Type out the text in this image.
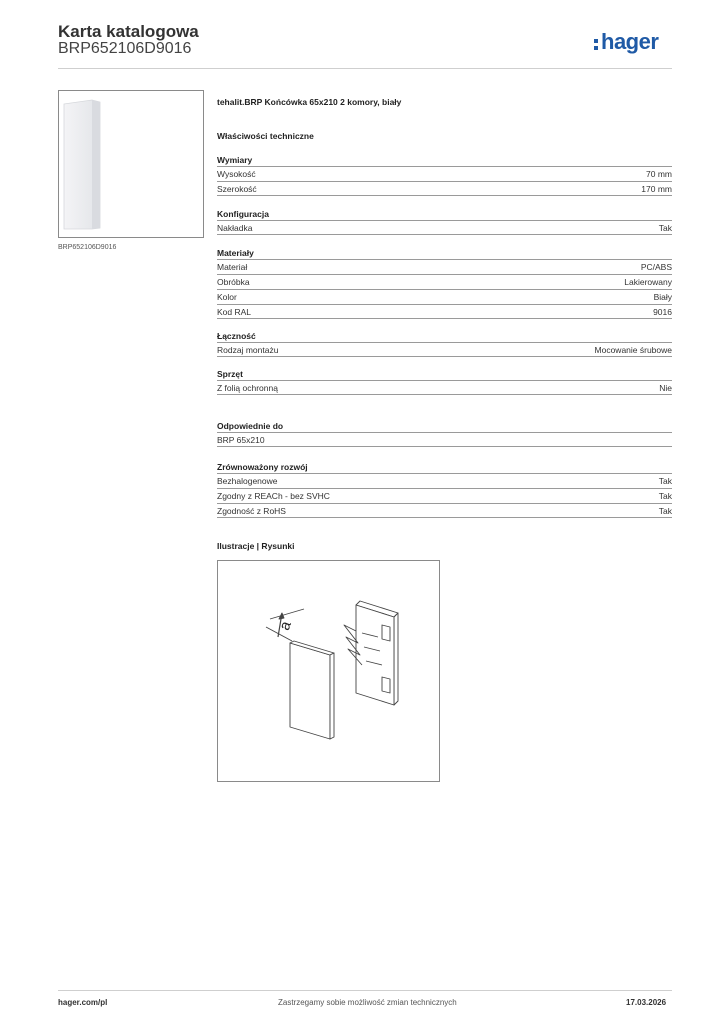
Karta katalogowa
BRP652106D9016	hager
BRP652106D9016
tehalit.BRP Końcówka 65x210 2 komory, biały
Właściwości techniczne
Wymiary
Wysokość	70 mm
Szerokość	170 mm
Konfiguracja
Nakładka	Tak
Materiały
Materiał	PC/ABS
Obróbka	Lakierowany
Kolor	Biały
Kod RAL	9016
Łączność
Rodzaj montażu	Mocowanie śrubowe
Sprzęt
Z folią ochronną	Nie
Odpowiednie do
BRP 65x210
Zrównoważony rozwój
Bezhalogenowe	Tak
Zgodny z REACh - bez SVHC	Tak
Zgodność z RoHS	Tak
Ilustracje | Rysunki
a
hager.com/pl	Zastrzegamy sobie możliwość zmian technicznych	17.03.2026
